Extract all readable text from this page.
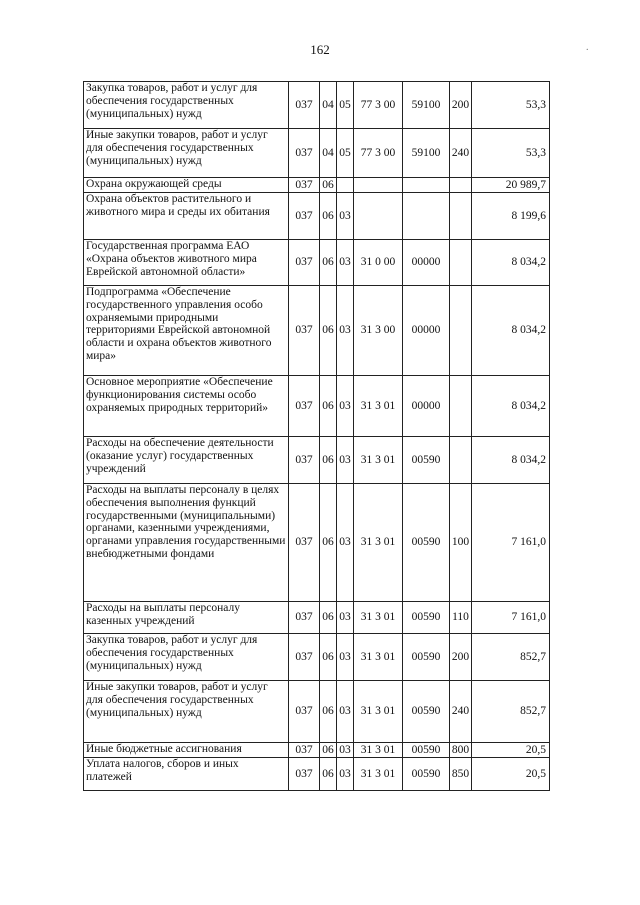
162	.
Закупка товаров, работ и услуг для обеспечения государственных (муниципальных) нужд	037	04	05	77 3 00	59100	200	53,3
Иные закупки товаров, работ и услуг для обеспечения государственных (муниципальных) нужд	037	04	05	77 3 00	59100	240	53,3
Охрана окружающей среды	037	06					20 989,7
Охрана объектов растительного и животного мира и среды их обитания	037	06	03				8 199,6
Государственная программа ЕАО «Охрана объектов животного мира Еврейской автономной области»	037	06	03	31 0 00	00000		8 034,2
Подпрограмма «Обеспечение государственного управления особо охраняемыми природными территориями Еврейской автономной области и охрана объектов животного мира»	037	06	03	31 3 00	00000		8 034,2
Основное мероприятие «Обеспечение функционирования системы особо охраняемых природных территорий»	037	06	03	31 3 01	00000		8 034,2
Расходы на обеспечение деятельности (оказание услуг) государственных учреждений	037	06	03	31 3 01	00590		8 034,2
Расходы на выплаты персоналу в целях обеспечения выполнения функций государственными (муниципальными) органами, казенными учреждениями, органами управления государственными внебюджетными фондами	037	06	03	31 3 01	00590	100	7 161,0
Расходы на выплаты персоналу казенных учреждений	037	06	03	31 3 01	00590	110	7 161,0
Закупка товаров, работ и услуг для обеспечения государственных (муниципальных) нужд	037	06	03	31 3 01	00590	200	852,7
Иные закупки товаров, работ и услуг для обеспечения государственных (муниципальных) нужд	037	06	03	31 3 01	00590	240	852,7
Иные бюджетные ассигнования	037	06	03	31 3 01	00590	800	20,5
Уплата налогов, сборов и иных платежей	037	06	03	31 3 01	00590	850	20,5
